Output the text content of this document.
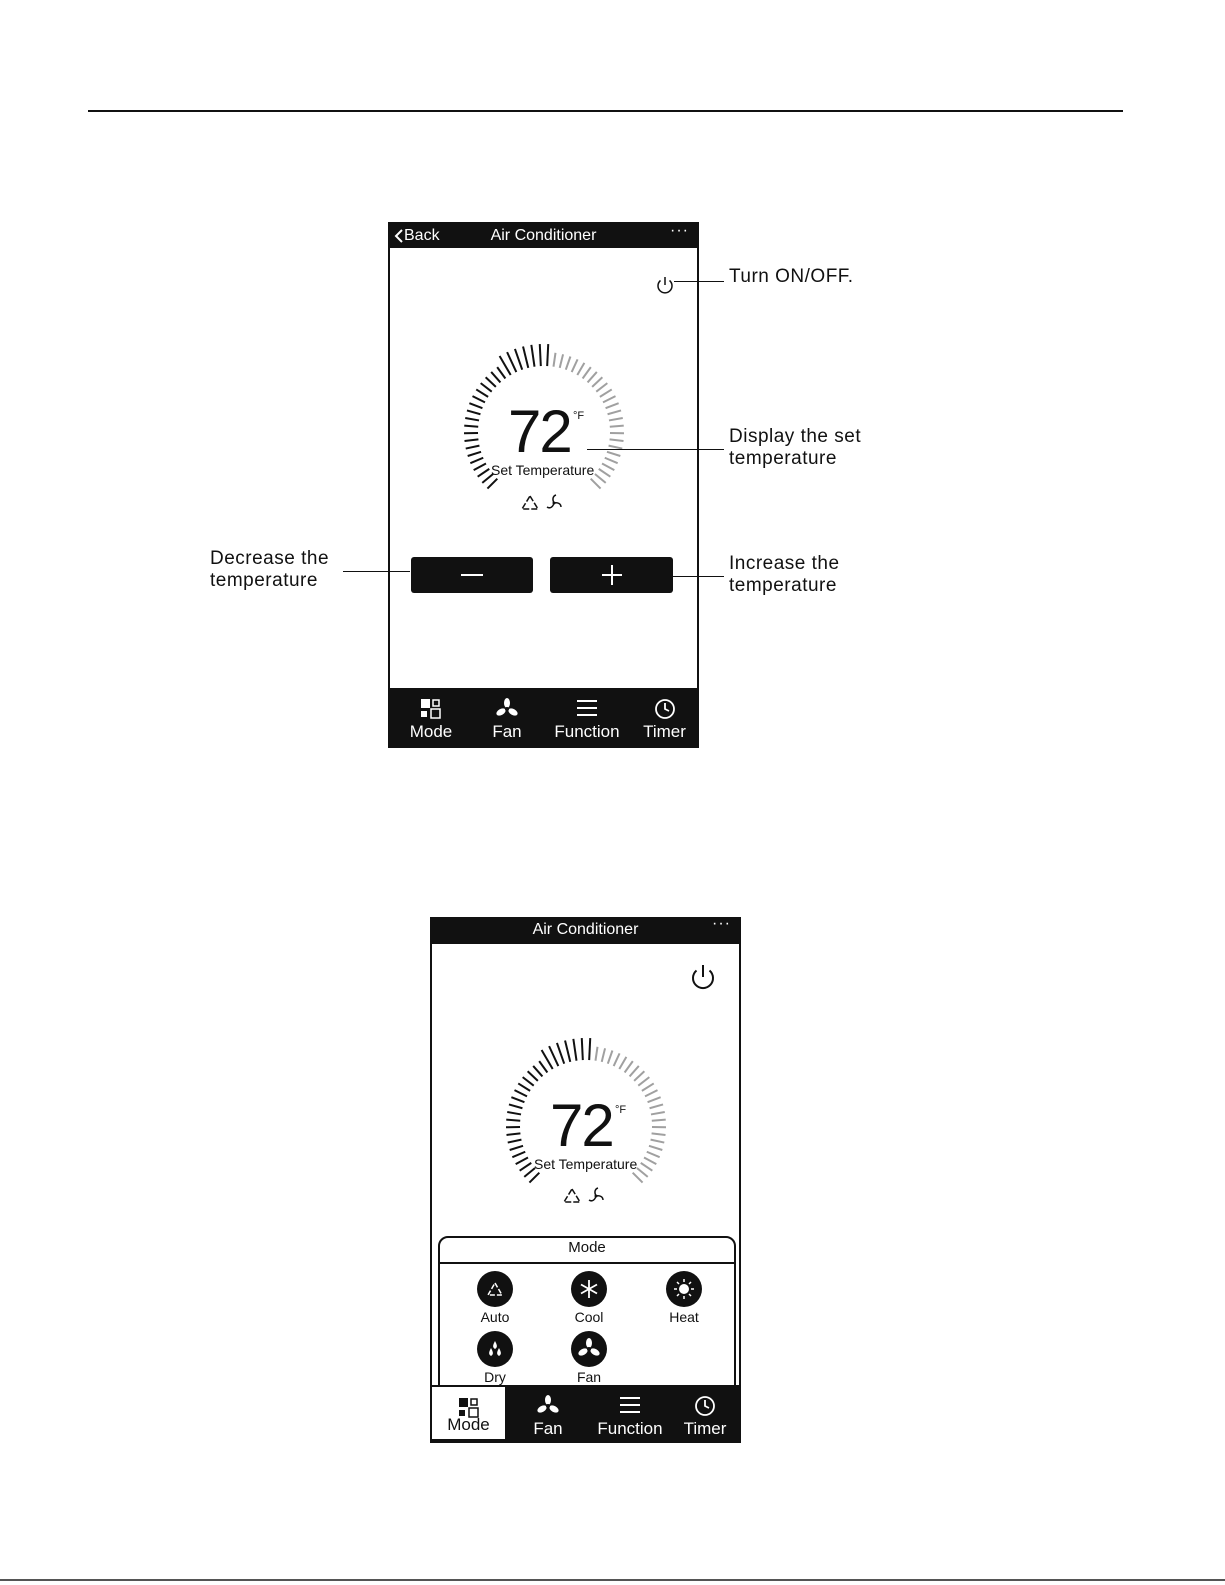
Back	Air Conditioner	···
72 °F
Set Temperature
Mode	Fan	Function	Timer
Turn ON/OFF.
Display the set
temperature
Decrease the
temperature
Increase the
temperature
Air Conditioner	···
72 °F
Set Temperature
Mode
Auto	Cool	Heat
Dry	Fan
Mode	Fan	Function	Timer
